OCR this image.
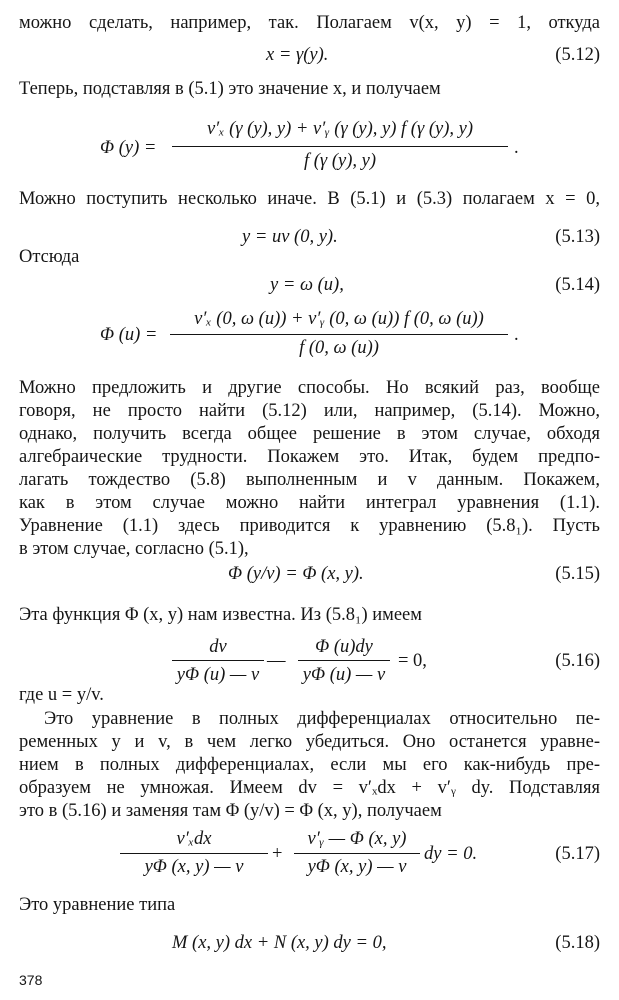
можно сделать, например, так. Полагаем v(x, y) = 1, откуда
x = γ(y).	(5.12)
Теперь, подставляя в (5.1) это значение x, и получаем
Φ (y) =
v′ₓ (γ (y), y) + v′ᵧ (γ (y), y) f (γ (y), y)
f (γ (y), y)
.
Можно поступить несколько иначе. В (5.1) и (5.3) полагаем x = 0,
y = uv (0, y).	(5.13)
Отсюда
y = ω (u),	(5.14)
Φ (u) =
v′ₓ (0, ω (u)) + v′ᵧ (0, ω (u)) f (0, ω (u))
f (0, ω (u))
.
Можно предложить и другие способы. Но всякий раз, вообще
говоря, не просто найти (5.12) или, например, (5.14). Можно,
однако, получить всегда общее решение в этом случае, обходя
алгебраические трудности. Покажем это. Итак, будем предпо-
лагать тождество (5.8) выполненным и v данным. Покажем,
как в этом случае можно найти интеграл уравнения (1.1).
Уравнение (1.1) здесь приводится к уравнению (5.8₁). Пусть
в этом случае, согласно (5.1),
Φ (y/v) = Φ (x, y).	(5.15)
Эта функция Φ (x, y) нам известна. Из (5.8₁) имеем
dv
yΦ (u) — v
—
Φ (u)dy
yΦ (u) — v
= 0,	(5.16)
где u = y/v.
Это уравнение в полных дифференциалах относительно пе-
ременных y и v, в чем легко убедиться. Оно останется уравне-
нием в полных дифференциалах, если мы его как-нибудь пре-
образуем не умножая. Имеем dv = v′ₓdx + v′ᵧ dy. Подставляя
это в (5.16) и заменяя там Φ (y/v) = Φ (x, y), получаем
v′ₓdx
yΦ (x, y) — v
+
v′ᵧ — Φ (x, y)
yΦ (x, y) — v
dy = 0.	(5.17)
Это уравнение типа
M (x, y) dx + N (x, y) dy = 0,	(5.18)
378
